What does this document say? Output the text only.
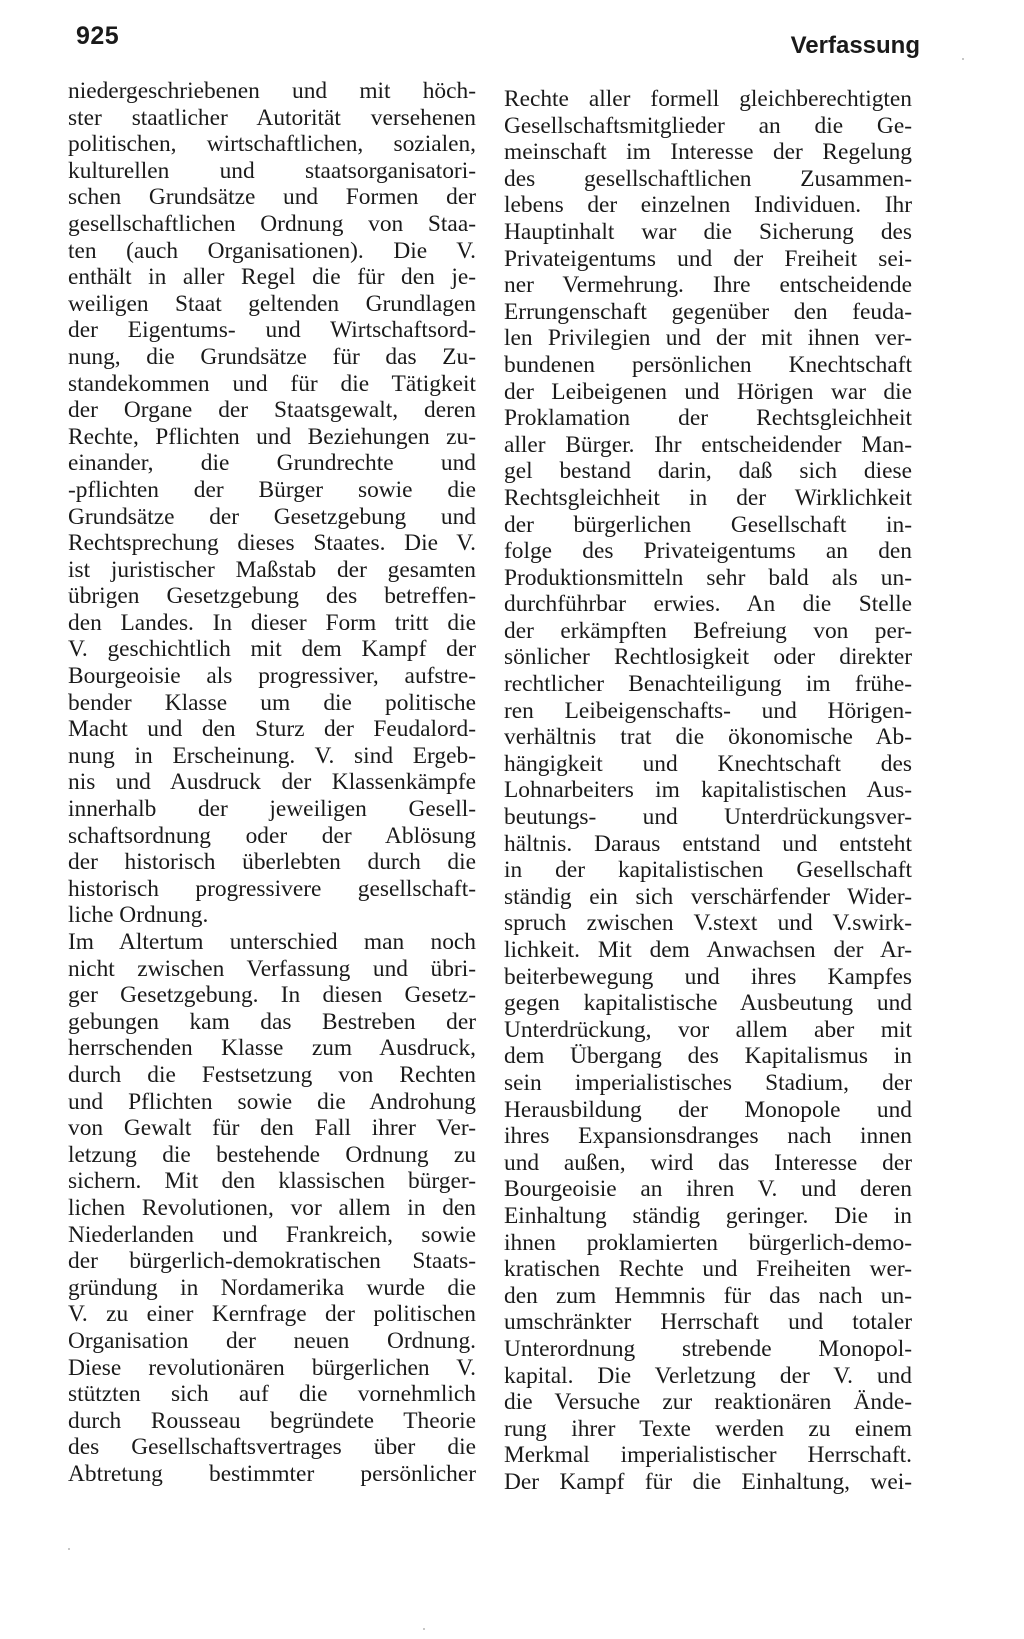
925	Verfassung
niedergeschriebenen und mit höch-
ster staatlicher Autorität versehenen
politischen, wirtschaftlichen, sozialen,
kulturellen und staatsorganisatori-
schen Grundsätze und Formen der
gesellschaftlichen Ordnung von Staa-
ten (auch Organisationen). Die V.
enthält in aller Regel die für den je-
weiligen Staat geltenden Grundlagen
der Eigentums- und Wirtschaftsord-
nung, die Grundsätze für das Zu-
standekommen und für die Tätigkeit
der Organe der Staatsgewalt, deren
Rechte, Pflichten und Beziehungen zu-
einander, die Grundrechte und
-pflichten der Bürger sowie die
Grundsätze der Gesetzgebung und
Rechtsprechung dieses Staates. Die V.
ist juristischer Maßstab der gesamten
übrigen Gesetzgebung des betreffen-
den Landes. In dieser Form tritt die
V. geschichtlich mit dem Kampf der
Bourgeoisie als progressiver, aufstre-
bender Klasse um die politische
Macht und den Sturz der Feudalord-
nung in Erscheinung. V. sind Ergeb-
nis und Ausdruck der Klassenkämpfe
innerhalb der jeweiligen Gesell-
schaftsordnung oder der Ablösung
der historisch überlebten durch die
historisch progressivere gesellschaft-
liche Ordnung.
Im Altertum unterschied man noch
nicht zwischen Verfassung und übri-
ger Gesetzgebung. In diesen Gesetz-
gebungen kam das Bestreben der
herrschenden Klasse zum Ausdruck,
durch die Festsetzung von Rechten
und Pflichten sowie die Androhung
von Gewalt für den Fall ihrer Ver-
letzung die bestehende Ordnung zu
sichern. Mit den klassischen bürger-
lichen Revolutionen, vor allem in den
Niederlanden und Frankreich, sowie
der bürgerlich-demokratischen Staats-
gründung in Nordamerika wurde die
V. zu einer Kernfrage der politischen
Organisation der neuen Ordnung.
Diese revolutionären bürgerlichen V.
stützten sich auf die vornehmlich
durch Rousseau begründete Theorie
des Gesellschaftsvertrages über die
Abtretung bestimmter persönlicher
Rechte aller formell gleichberechtigten
Gesellschaftsmitglieder an die Ge-
meinschaft im Interesse der Regelung
des gesellschaftlichen Zusammen-
lebens der einzelnen Individuen. Ihr
Hauptinhalt war die Sicherung des
Privateigentums und der Freiheit sei-
ner Vermehrung. Ihre entscheidende
Errungenschaft gegenüber den feuda-
len Privilegien und der mit ihnen ver-
bundenen persönlichen Knechtschaft
der Leibeigenen und Hörigen war die
Proklamation der Rechtsgleichheit
aller Bürger. Ihr entscheidender Man-
gel bestand darin, daß sich diese
Rechtsgleichheit in der Wirklichkeit
der bürgerlichen Gesellschaft in-
folge des Privateigentums an den
Produktionsmitteln sehr bald als un-
durchführbar erwies. An die Stelle
der erkämpften Befreiung von per-
sönlicher Rechtlosigkeit oder direkter
rechtlicher Benachteiligung im frühe-
ren Leibeigenschafts- und Hörigen-
verhältnis trat die ökonomische Ab-
hängigkeit und Knechtschaft des
Lohnarbeiters im kapitalistischen Aus-
beutungs- und Unterdrückungsver-
hältnis. Daraus entstand und entsteht
in der kapitalistischen Gesellschaft
ständig ein sich verschärfender Wider-
spruch zwischen V.stext und V.swirk-
lichkeit. Mit dem Anwachsen der Ar-
beiterbewegung und ihres Kampfes
gegen kapitalistische Ausbeutung und
Unterdrückung, vor allem aber mit
dem Übergang des Kapitalismus in
sein imperialistisches Stadium, der
Herausbildung der Monopole und
ihres Expansionsdranges nach innen
und außen, wird das Interesse der
Bourgeoisie an ihren V. und deren
Einhaltung ständig geringer. Die in
ihnen proklamierten bürgerlich-demo-
kratischen Rechte und Freiheiten wer-
den zum Hemmnis für das nach un-
umschränkter Herrschaft und totaler
Unterordnung strebende Monopol-
kapital. Die Verletzung der V. und
die Versuche zur reaktionären Ände-
rung ihrer Texte werden zu einem
Merkmal imperialistischer Herrschaft.
Der Kampf für die Einhaltung, wei-
